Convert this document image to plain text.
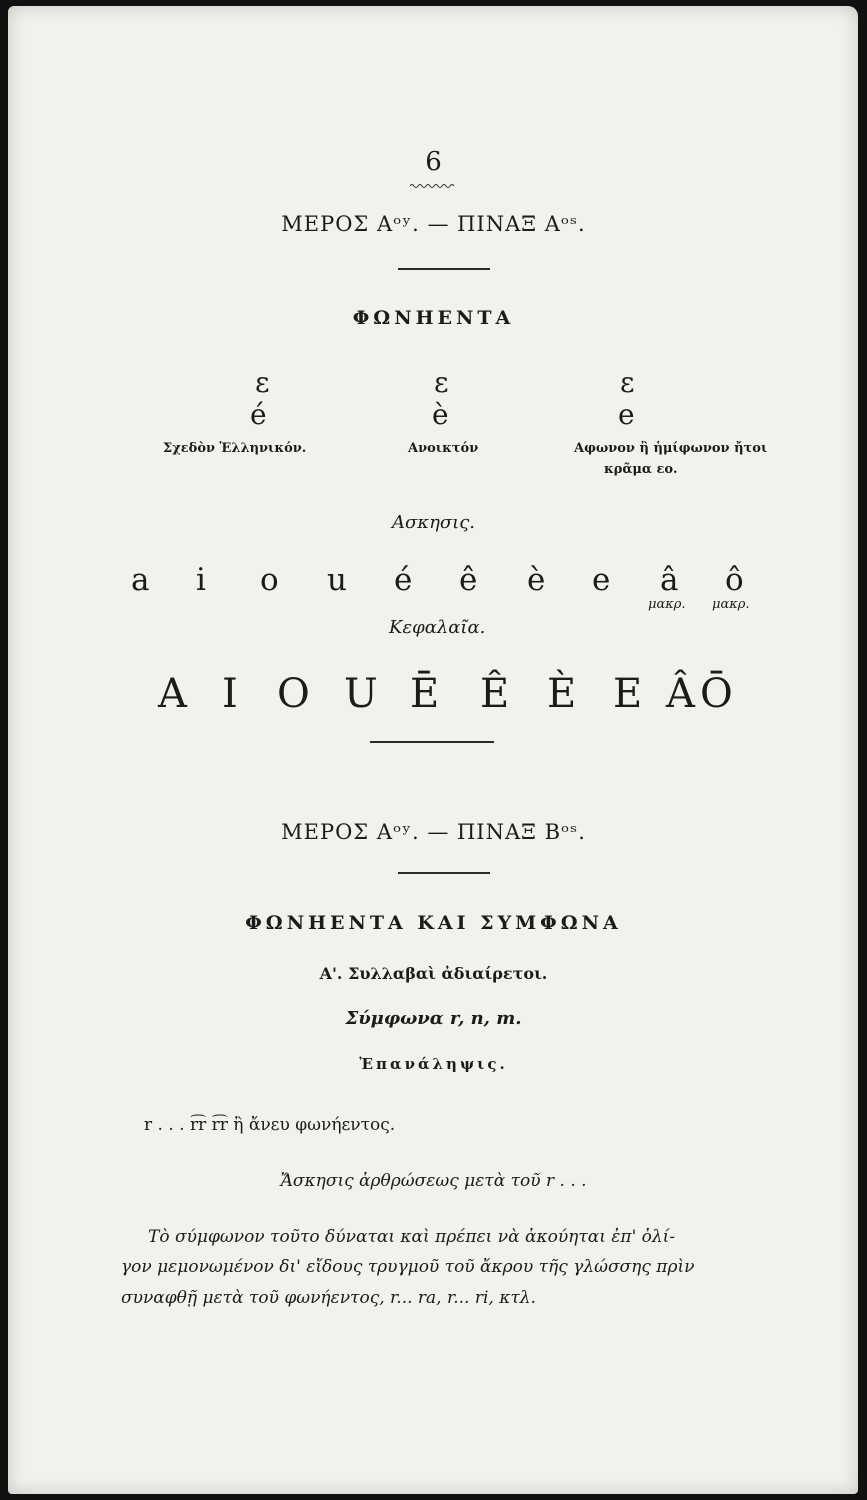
6
ΜΕΡΟΣ Αᵒʸ. — ΠΙΝΑΞ Αᵒˢ.
ΦΩΝΗΕΝΤΑ
ε
é
Σχεδὸν Ἑλληνικόν.
ε
è
Ανοικτόν
ε
e
Αφωνον ἢ ἡμίφωνον ἤτοι
κρᾶμα εο.
Ασκησις.
a i o u é ê è e â ô
μακρ. μακρ.
Κεφαλαῖα.
A I O U Ē Ê È E Â Ō
ΜΕΡΟΣ Αᵒʸ. — ΠΙΝΑΞ Βᵒˢ.
ΦΩΝΗΕΝΤΑ ΚΑΙ ΣΥΜΦΩΝΑ
Α'. Συλλαβαὶ ἀδιαίρετοι.
Σύμφωνα r, n, m.
Ἐπανάληψις.
r . . . r͡r r͡r ἢ ἄνευ φωνήεντος.
Ἄσκησις ἀρθρώσεως μετὰ τοῦ r . . .
Τὸ σύμφωνον τοῦτο δύναται καὶ πρέπει νὰ ἀκούηται ἐπ' ὀλί-
γον μεμονωμένον δι' εἴδους τρυγμοῦ τοῦ ἄκρου τῆς γλώσσης πρὶν
συναφθῇ μετὰ τοῦ φωνήεντος, r... ra, r... ri, κτλ.
